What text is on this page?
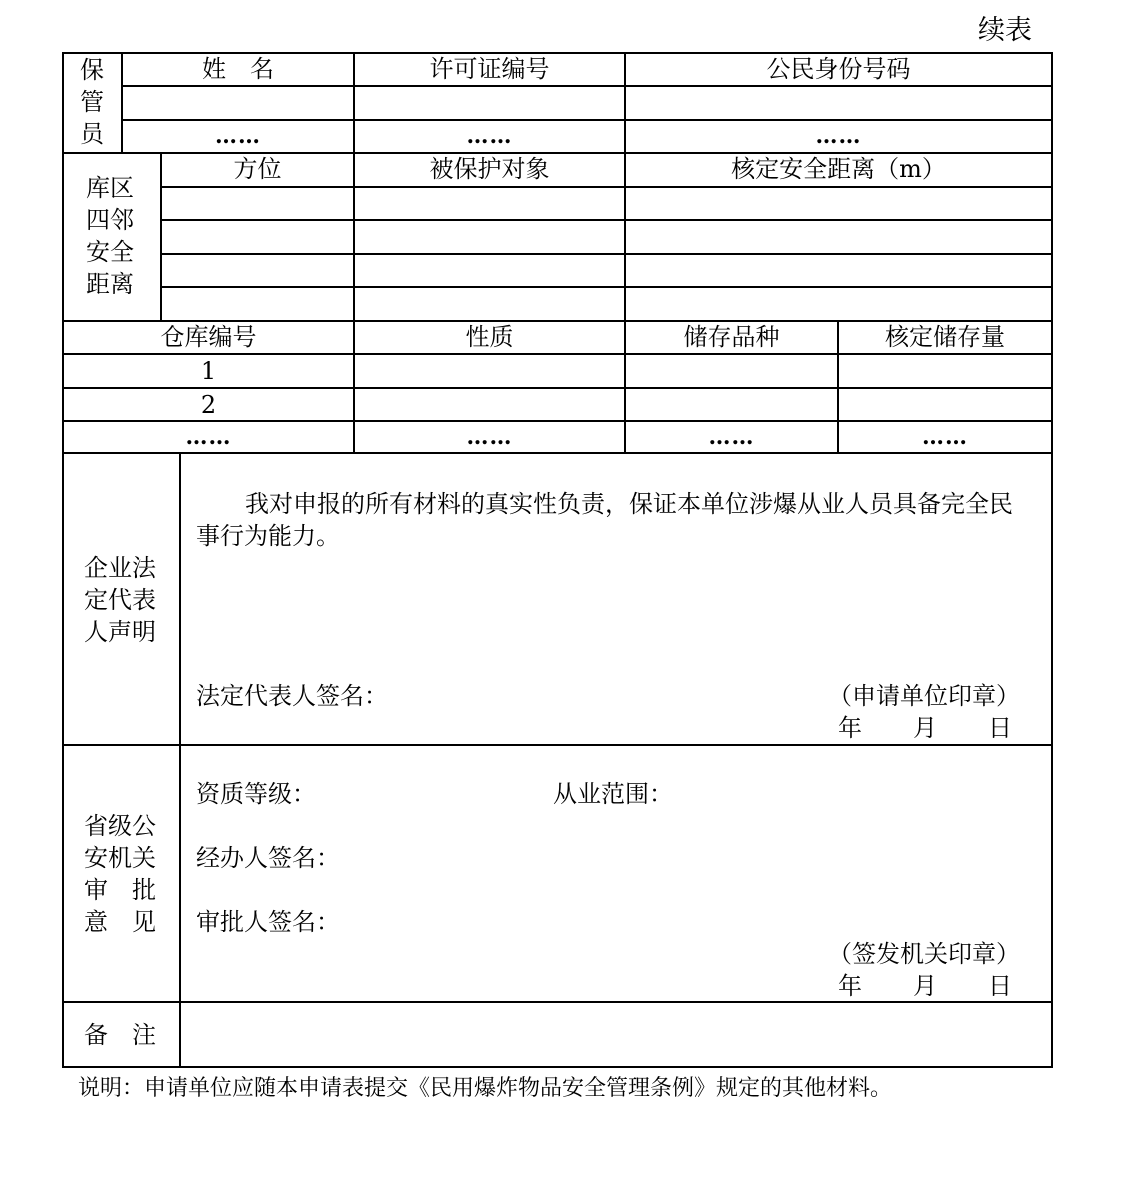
续表
保
管
员
姓　名	许可证编号	公民身份号码
……	……	……
库区
四邻
安全
距离
方位	被保护对象	核定安全距离（m）
仓库编号	性质	储存品种	核定储存量
1
2
……	……	……	……
企业法
定代表
人声明
我对申报的所有材料的真实性负责，保证本单位涉爆从业人员具备完全民
事行为能力。
法定代表人签名：	（申请单位印章）
年 月 日
省级公
安机关
审　批
意　见
资质等级：	从业范围：
经办人签名：
审批人签名：
（签发机关印章）
年 月 日
备　注
说明：申请单位应随本申请表提交《民用爆炸物品安全管理条例》规定的其他材料。
